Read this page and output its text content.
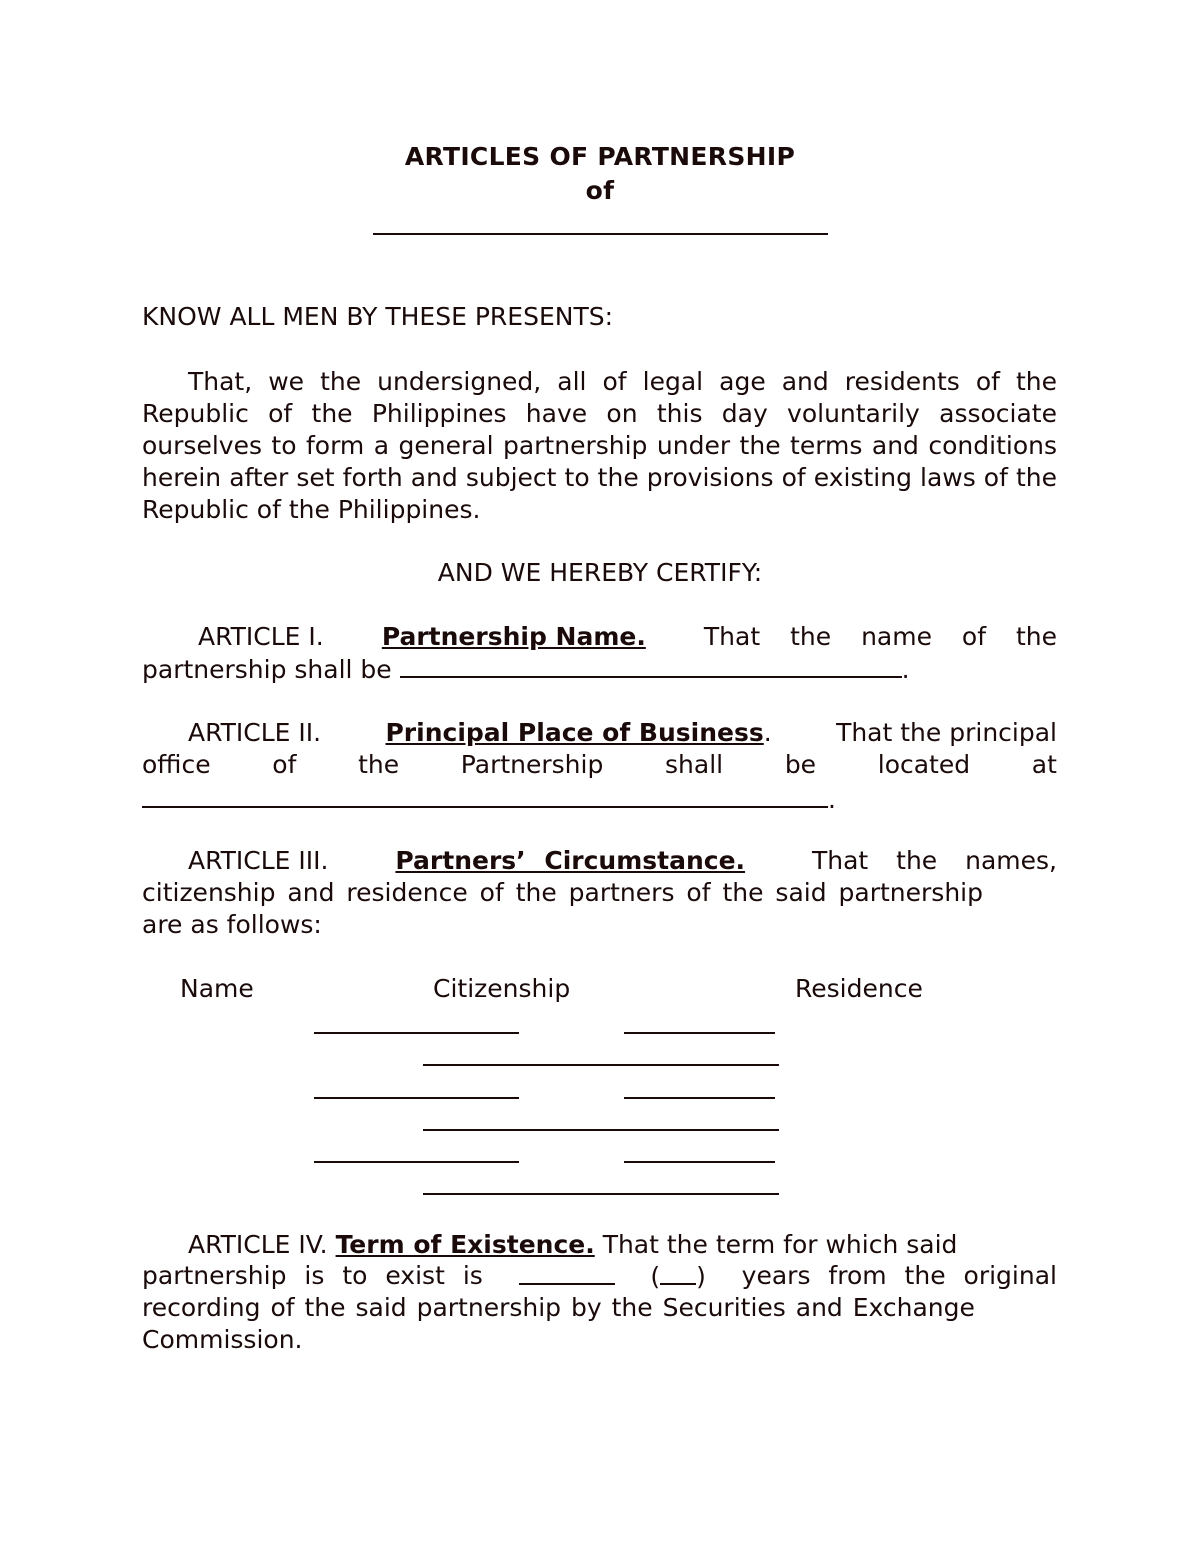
ARTICLES OF PARTNERSHIP
of
KNOW ALL MEN BY THESE PRESENTS:
That, we the undersigned, all of legal age and residents of the Republic of the Philippines have on this day voluntarily associate ourselves to form a general partnership under the terms and conditions herein after set forth and subject to the provisions of existing laws of the Republic of the Philippines.
AND WE HEREBY CERTIFY:
ARTICLE I. Partnership Name. That the name of the
partnership shall be	.
ARTICLE II.	Principal Place of Business.	That the principal
office of the Partnership shall be located at
.
ARTICLE III.	Partners’ Circumstance.	That the names,
citizenship and residence of the partners of the said partnership
are as follows:
Name	Citizenship	Residence
ARTICLE IV. Term of Existence. That the term for which said
partnership is to exist is	( ) years from the original
recording of the said partnership by the Securities and Exchange
Commission.
